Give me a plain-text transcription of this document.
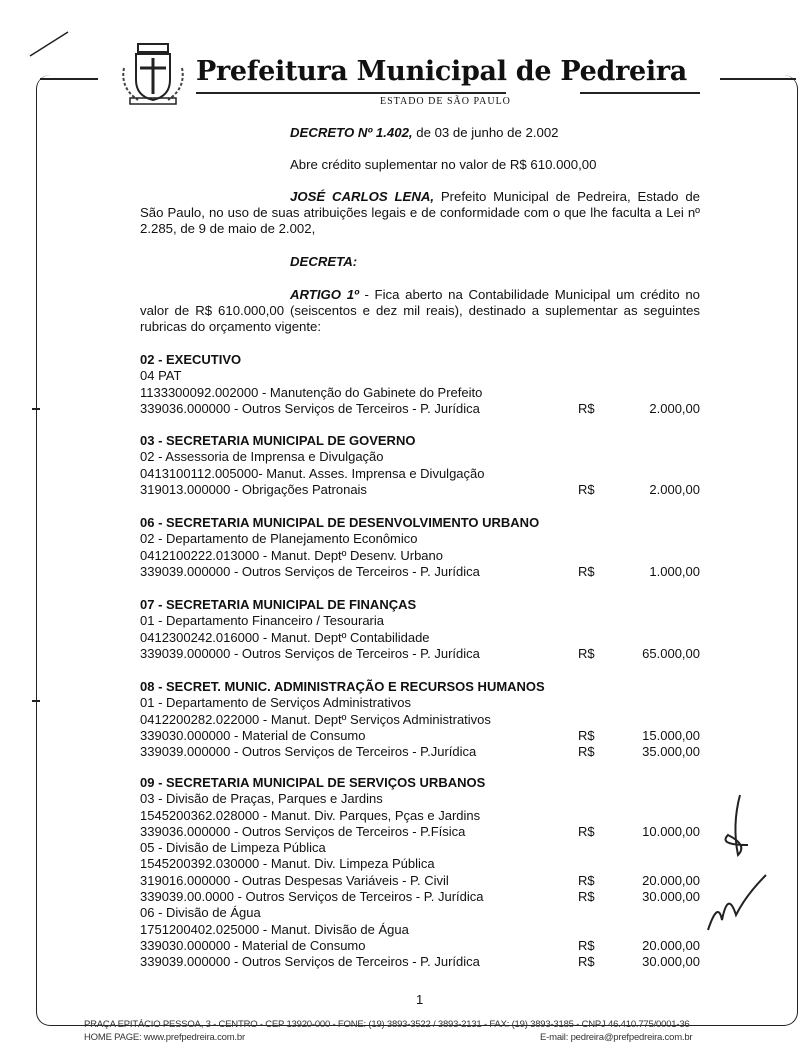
Prefeitura Municipal de Pedreira
ESTADO DE SÃO PAULO
DECRETO Nº 1.402, de 03 de junho de 2.002
Abre crédito suplementar no valor de R$ 610.000,00
JOSÉ CARLOS LENA, Prefeito Municipal de Pedreira, Estado de São Paulo, no uso de suas atribuições legais e de conformidade com o que lhe faculta a Lei nº 2.285, de 9 de maio de 2.002,
DECRETA:
ARTIGO 1º - Fica aberto na Contabilidade Municipal um crédito no valor de R$ 610.000,00 (seiscentos e dez mil reais), destinado a suplementar as seguintes rubricas do orçamento vigente:
02 - EXECUTIVO
04 PAT
1133300092.002000 - Manutenção do Gabinete do Prefeito
339036.000000 - Outros Serviços de Terceiros - P. Jurídica	R$	2.000,00
03 - SECRETARIA MUNICIPAL DE GOVERNO
02 - Assessoria de Imprensa e Divulgação
0413100112.005000- Manut. Asses. Imprensa e Divulgação
319013.000000 - Obrigações Patronais	R$	2.000,00
06 - SECRETARIA MUNICIPAL DE DESENVOLVIMENTO URBANO
02 - Departamento de Planejamento Econômico
0412100222.013000 - Manut. Deptº Desenv. Urbano
339039.000000 - Outros Serviços de Terceiros - P. Jurídica	R$	1.000,00
07 - SECRETARIA MUNICIPAL DE FINANÇAS
01 - Departamento Financeiro / Tesouraria
0412300242.016000 - Manut. Deptº Contabilidade
339039.000000 - Outros Serviços de Terceiros - P. Jurídica	R$	65.000,00
08 - SECRET. MUNIC. ADMINISTRAÇÃO E RECURSOS HUMANOS
01 - Departamento de Serviços Administrativos
0412200282.022000 - Manut. Deptº Serviços Administrativos
339030.000000 - Material de Consumo	R$	15.000,00
339039.000000 - Outros Serviços de Terceiros - P.Jurídica	R$	35.000,00
09 - SECRETARIA MUNICIPAL DE SERVIÇOS URBANOS
03 - Divisão de Praças, Parques e Jardins
1545200362.028000 - Manut. Div. Parques, Pças e Jardins
339036.000000 - Outros Serviços de Terceiros - P.Física	R$	10.000,00
05 - Divisão de Limpeza Pública
1545200392.030000 - Manut. Div. Limpeza Pública
319016.000000 - Outras Despesas Variáveis - P. Civil	R$	20.000,00
339039.00.0000 - Outros Serviços de Terceiros - P. Jurídica	R$	30.000,00
06 - Divisão de Água
1751200402.025000 - Manut. Divisão de Água
339030.000000 - Material de Consumo	R$	20.000,00
339039.000000 - Outros Serviços de Terceiros - P. Jurídica	R$	30.000,00
1
PRAÇA EPITÁCIO PESSOA, 3 - CENTRO - CEP 13920-000 - FONE: (19) 3893-3522 / 3893-2131 - FAX: (19) 3893-3185 - CNPJ 46.410.775/0001-36
HOME PAGE: www.prefpedreira.com.br	E-mail: pedreira@prefpedreira.com.br
